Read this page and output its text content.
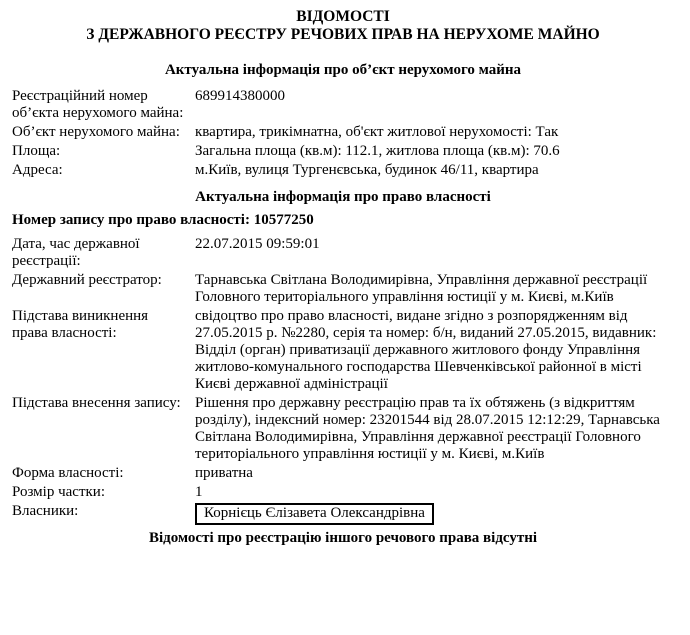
ВІДОМОСТІ
З ДЕРЖАВНОГО РЕЄСТРУ РЕЧОВИХ ПРАВ НА НЕРУХОМЕ МАЙНО
Актуальна інформація про об’єкт нерухомого майна
Реєстраційний номер об’єкта нерухомого майна:
689914380000
Об’єкт нерухомого майна:	квартира, трикімнатна, об'єкт житлової нерухомості: Так
Площа:	Загальна площа (кв.м): 112.1, житлова площа (кв.м): 70.6
Адреса:	м.Київ, вулиця Тургенєвська, будинок 46/11, квартира
Актуальна інформація про право власності
Номер запису про право власності: 10577250
Дата, час державної реєстрації:
22.07.2015 09:59:01
Державний реєстратор:	Тарнавська Світлана Володимирівна, Управління державної реєстрації Головного територіального управління юстиції у м. Києві, м.Київ
Підстава виникнення права власності:
свідоцтво про право власності, видане згідно з розпорядженням від 27.05.2015 р. №2280, серія та номер: б/н, виданий 27.05.2015, видавник: Відділ (орган) приватизації державного житлового фонду Управління житлово-комунального господарства Шевченківської районної в місті Києві державної адміністрації
Підстава внесення запису: Рішення про державну реєстрацію прав та їх обтяжень (з відкриттям розділу), індексний номер: 23201544 від 28.07.2015 12:12:29, Тарнавська Світлана Володимирівна, Управління державної реєстрації Головного територіального управління юстиції у м. Києві, м.Київ
Форма власності:	приватна
Розмір частки:	1
Власники:	Корнієць Єлізавета Олександрівна
Відомості про реєстрацію іншого речового права відсутні
